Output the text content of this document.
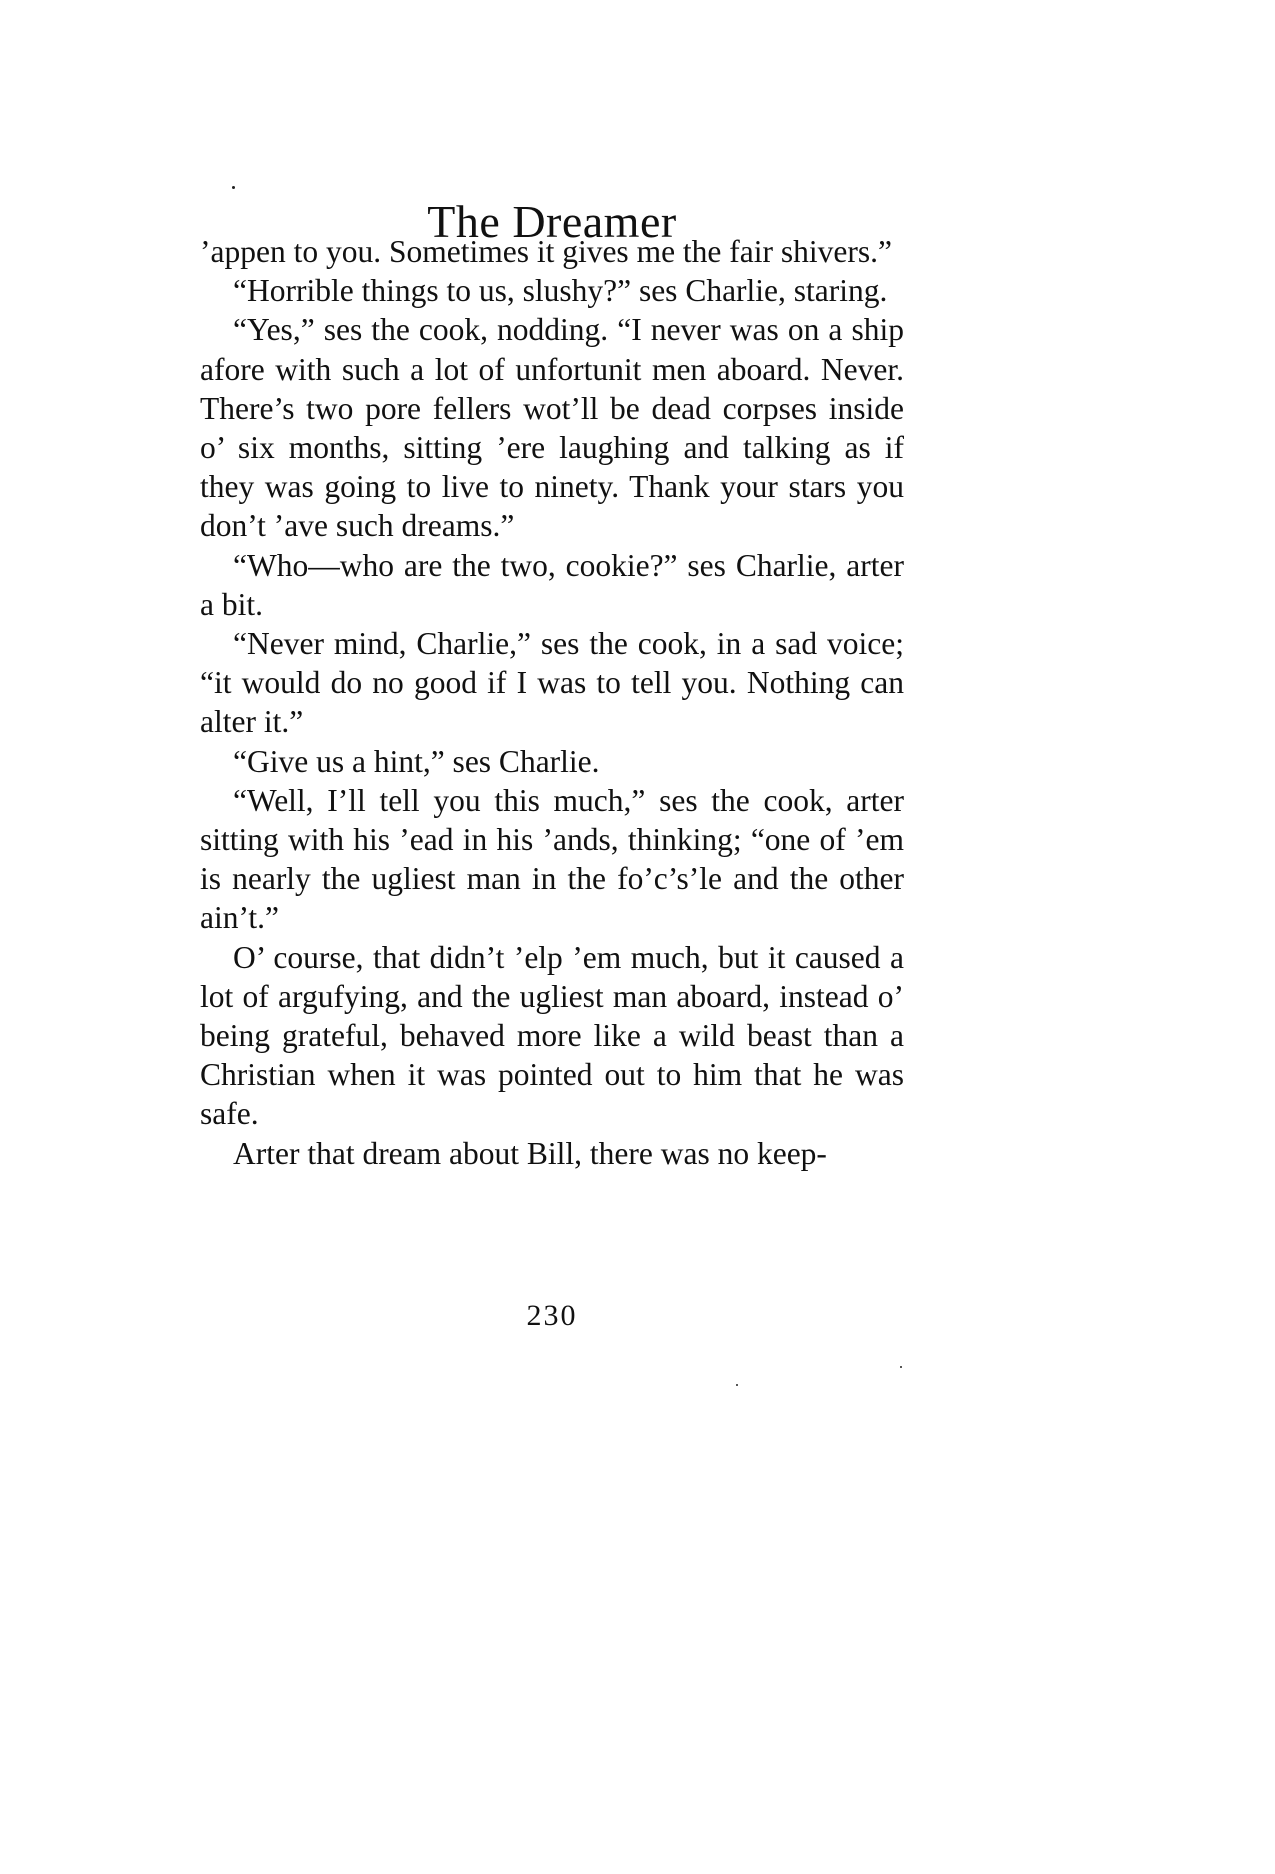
The Dreamer

’appen to you. Sometimes it gives me the fair shivers.”

“Horrible things to us, slushy?” ses Charlie, staring.

“Yes,” ses the cook, nodding. “I never was on a ship afore with such a lot of unfortunit men aboard. Never. There’s two pore fellers wot’ll be dead corpses inside o’ six months, sitting ’ere laughing and talking as if they was going to live to ninety. Thank your stars you don’t ’ave such dreams.”

“Who—who are the two, cookie?” ses Charlie, arter a bit.

“Never mind, Charlie,” ses the cook, in a sad voice; “it would do no good if I was to tell you. Nothing can alter it.”

“Give us a hint,” ses Charlie.

“Well, I’ll tell you this much,” ses the cook, arter sitting with his ’ead in his ’ands, thinking; “one of ’em is nearly the ugliest man in the fo’c’s’le and the other ain’t.”

O’ course, that didn’t ’elp ’em much, but it caused a lot of argufying, and the ugliest man aboard, instead o’ being grateful, behaved more like a wild beast than a Christian when it was pointed out to him that he was safe.

Arter that dream about Bill, there was no keep-

230
